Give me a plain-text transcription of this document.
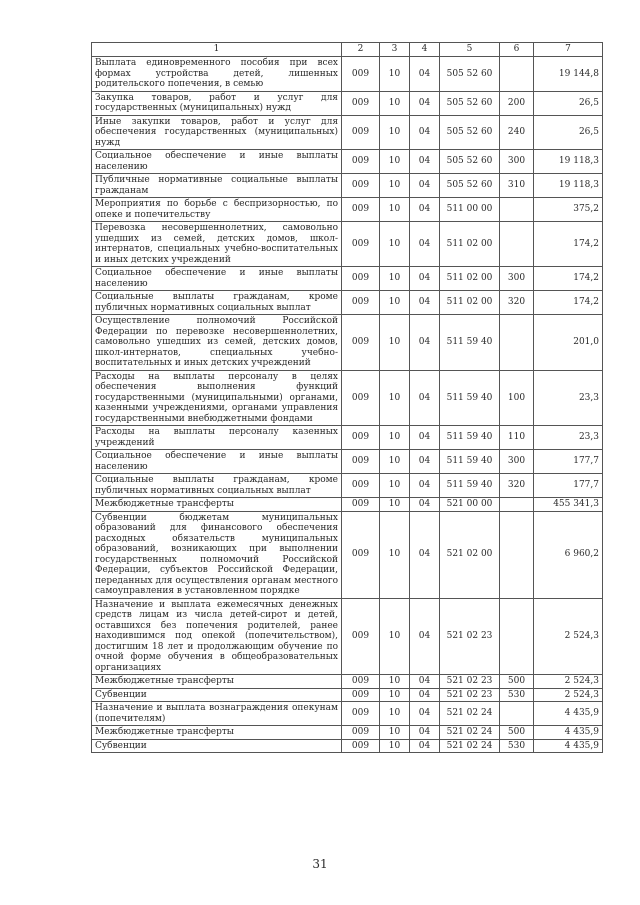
1	2	3	4	5	6	7
Выплата единовременного пособия при всех формах устройства детей, лишенных родительского попечения, в семью	009	10	04	505 52 60		19 144,8
Закупка товаров, работ и услуг для государственных (муниципальных) нужд	009	10	04	505 52 60	200	26,5
Иные закупки товаров, работ и услуг для обеспечения государственных (муниципальных) нужд	009	10	04	505 52 60	240	26,5
Социальное обеспечение и иные выплаты населению	009	10	04	505 52 60	300	19 118,3
Публичные нормативные социальные выплаты гражданам	009	10	04	505 52 60	310	19 118,3
Мероприятия по борьбе с беспризорностью, по опеке и попечительству	009	10	04	511 00 00		375,2
Перевозка несовершеннолетних, самовольно ушедших из семей, детских домов, школ-интернатов, специальных учебно-воспитательных и иных детских учреждений	009	10	04	511 02 00		174,2
Социальное обеспечение и иные выплаты населению	009	10	04	511 02 00	300	174,2
Социальные выплаты гражданам, кроме публичных нормативных социальных выплат	009	10	04	511 02 00	320	174,2
Осуществление полномочий Российской Федерации по перевозке несовершеннолетних, самовольно ушедших из семей, детских домов, школ-интернатов, специальных учебно-воспитательных и иных детских учреждений	009	10	04	511 59 40		201,0
Расходы на выплаты персоналу в целях обеспечения выполнения функций государственными (муниципальными) органами, казенными учреждениями, органами управления государственными внебюджетными фондами	009	10	04	511 59 40	100	23,3
Расходы на выплаты персоналу казенных учреждений	009	10	04	511 59 40	110	23,3
Социальное обеспечение и иные выплаты населению	009	10	04	511 59 40	300	177,7
Социальные выплаты гражданам, кроме публичных нормативных социальных выплат	009	10	04	511 59 40	320	177,7
Межбюджетные трансферты	009	10	04	521 00 00		455 341,3
Субвенции бюджетам муниципальных образований для финансового обеспечения расходных обязательств муниципальных образований, возникающих при выполнении государственных полномочий Российской Федерации, субъектов Российской Федерации, переданных для осуществления органам местного самоуправления в установленном порядке	009	10	04	521 02 00		6 960,2
Назначение и выплата ежемесячных денежных средств лицам из числа детей-сирот и детей, оставшихся без попечения родителей, ранее находившимся под опекой (попечительством), достигшим 18 лет и продолжающим обучение по очной форме обучения в общеобразовательных организациях	009	10	04	521 02 23		2 524,3
Межбюджетные трансферты	009	10	04	521 02 23	500	2 524,3
Субвенции	009	10	04	521 02 23	530	2 524,3
Назначение и выплата вознаграждения опекунам (попечителям)	009	10	04	521 02 24		4 435,9
Межбюджетные трансферты	009	10	04	521 02 24	500	4 435,9
Субвенции	009	10	04	521 02 24	530	4 435,9
31
